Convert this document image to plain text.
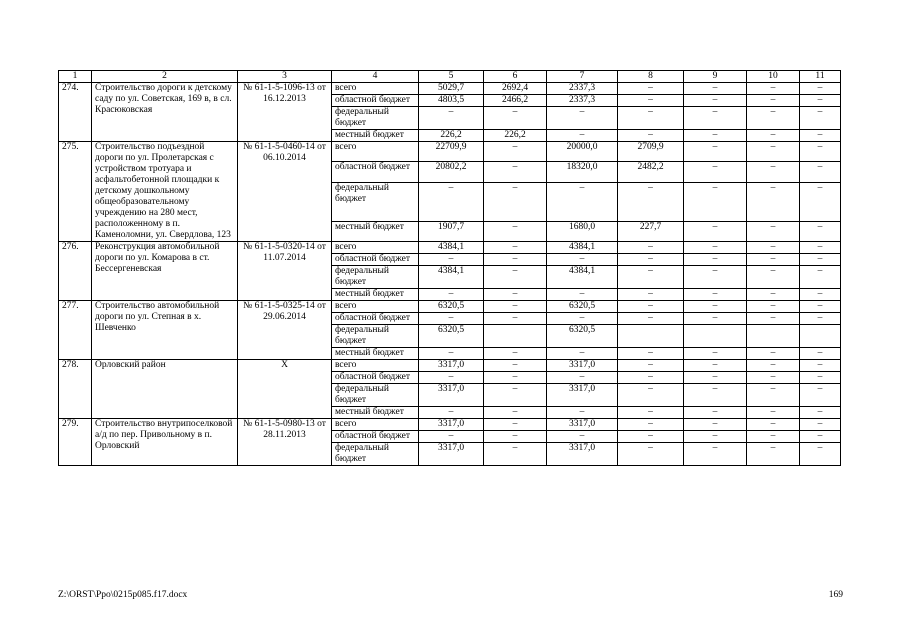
1	2	3	4	5	6	7	8	9	10	11
274.	Строительство дороги к детскому саду по ул. Советская, 169 в, в сл. Красюковская	№ 61-1-5-1096-13 от 16.12.2013	всего	5029,7	2692,4	2337,3	–	–	–	–
			областной бюджет	4803,5	2466,2	2337,3	–	–	–	–
			федеральный бюджет	–	–	–	–	–	–	–
			местный бюджет	226,2	226,2	–	–	–	–	–
275.	Строительство подъездной дороги по ул. Пролетарская с устройством тротуара и асфальтобетонной площадки к детскому дошкольному общеобразовательному учреждению на 280 мест, расположенному в п. Каменоломни, ул. Свердлова, 123	№ 61-1-5-0460-14 от 06.10.2014	всего	22709,9	–	20000,0	2709,9	–	–	–
			областной бюджет	20802,2	–	18320,0	2482,2	–	–	–
			федеральный бюджет	–	–	–	–	–	–	–
			местный бюджет	1907,7	–	1680,0	227,7	–	–	–
276.	Реконструкция автомобильной дороги по ул. Комарова в ст. Бессергеневская	№ 61-1-5-0320-14 от 11.07.2014	всего	4384,1	–	4384,1	–	–	–	–
			областной бюджет	–	–	–	–	–	–	–
			федеральный бюджет	4384,1	–	4384,1	–	–	–	–
			местный бюджет	–	–	–	–	–	–	–
277.	Строительство автомобильной дороги по ул. Степная в х. Шевченко	№ 61-1-5-0325-14 от 29.06.2014	всего	6320,5	–	6320,5	–	–	–	–
			областной бюджет	–	–	–	–	–	–	–
			федеральный бюджет	6320,5		6320,5				
			местный бюджет	–	–	–	–	–	–	–
278.	Орловский район	Х	всего	3317,0	–	3317,0	–	–	–	–
			областной бюджет	–	–	–	–	–	–	–
			федеральный бюджет	3317,0	–	3317,0	–	–	–	–
			местный бюджет	–	–	–	–	–	–	–
279.	Строительство внутрипоселковой а/д по пер. Привольному в п. Орловский	№ 61-1-5-0980-13 от 28.11.2013	всего	3317,0	–	3317,0	–	–	–	–
			областной бюджет	–	–	–	–	–	–	–
			федеральный бюджет	3317,0	–	3317,0	–	–	–	–
Z:\ORST\Ppo\0215p085.f17.docx	169
